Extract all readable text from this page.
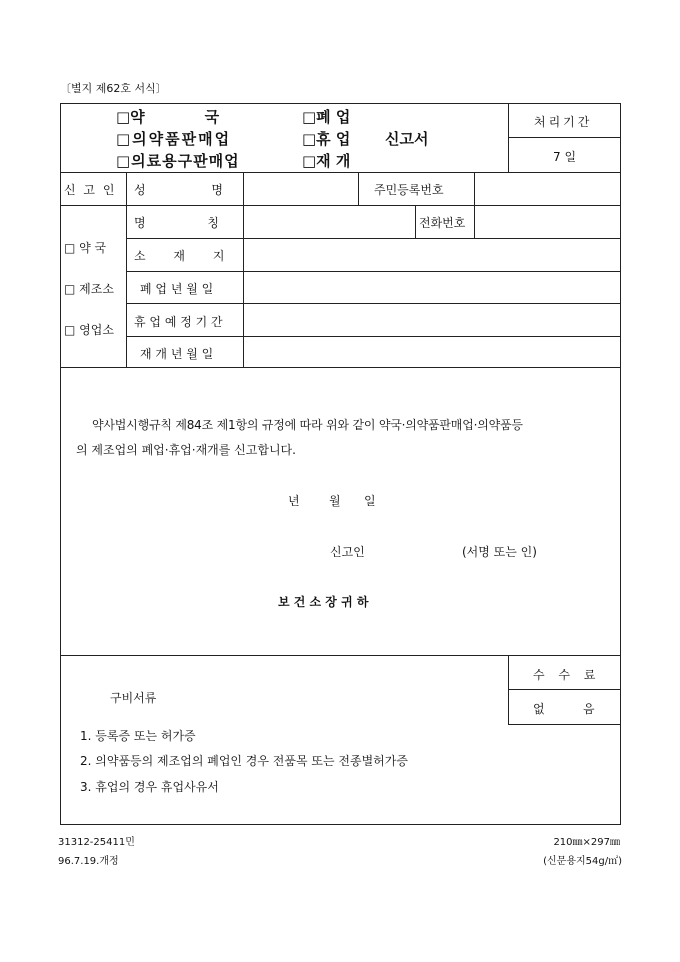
〔별지 제62호 서식〕
□약　　　　국	□폐 업
□의약품판매업	□휴 업 신고서
□의료용구판매업	□재 개
처리기간
7 일
신 고 인 성 명	주민등록번호
□ 약 국
□ 제조소
□ 영업소
명 칭	전화번호
소 재 지
폐 업 년 월 일
휴 업 예 정 기 간
재 개 년 월 일
약사법시행규칙 제84조 제1항의 규정에 따라 위와 같이 약국·의약품판매업·의약품등
의 제조업의 폐업·휴업·재개를 신고합니다.
년 월 일
신고인	(서명 또는 인)
보 건 소 장 귀 하
구비서류
수 수 료
없	음
1. 등록증 또는 허가증
2. 의약품등의 제조업의 폐업인 경우 전품목 또는 전종별허가증
3. 휴업의 경우 휴업사유서
31312-25411민
96.7.19.개정
210㎜×297㎜
(신문용지54g/㎡)
